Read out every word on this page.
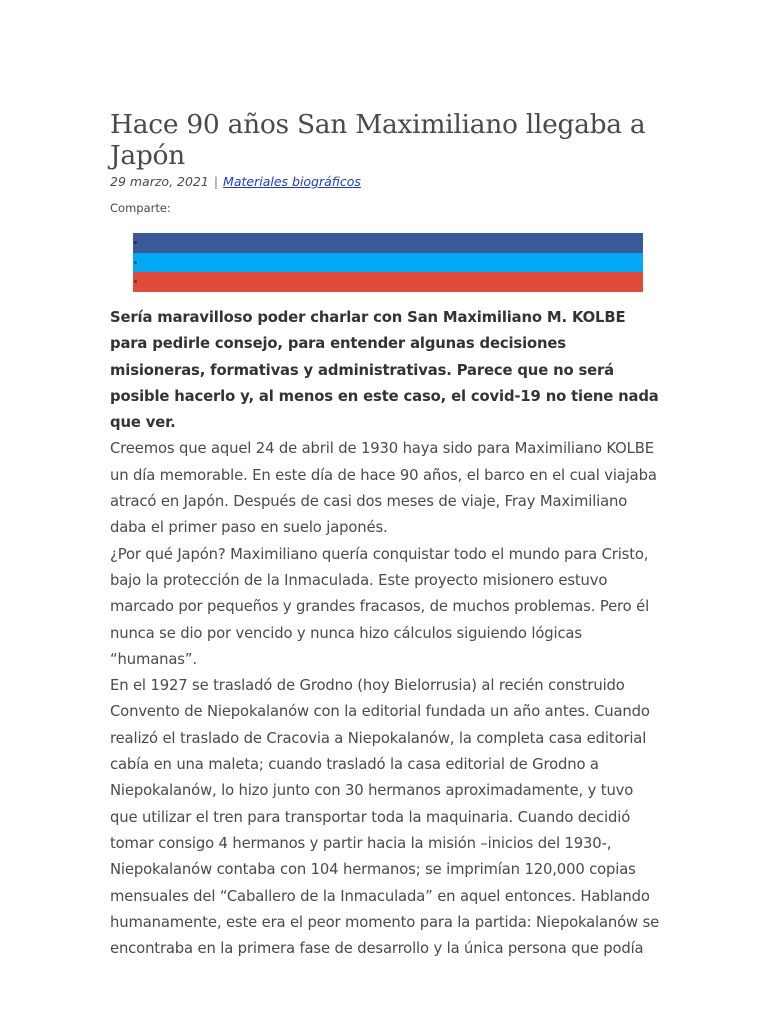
Hace 90 años San Maximiliano llegaba a Japón
29 marzo, 2021 | Materiales biográficos
Comparte:

Sería maravilloso poder charlar con San Maximiliano M. KOLBE para pedirle consejo, para entender algunas decisiones misioneras, formativas y administrativas. Parece que no será posible hacerlo y, al menos en este caso, el covid-19 no tiene nada que ver.

Creemos que aquel 24 de abril de 1930 haya sido para Maximiliano KOLBE un día memorable. En este día de hace 90 años, el barco en el cual viajaba atracó en Japón. Después de casi dos meses de viaje, Fray Maximiliano daba el primer paso en suelo japonés.

¿Por qué Japón? Maximiliano quería conquistar todo el mundo para Cristo, bajo la protección de la Inmaculada. Este proyecto misionero estuvo marcado por pequeños y grandes fracasos, de muchos problemas. Pero él nunca se dio por vencido y nunca hizo cálculos siguiendo lógicas “humanas”.

En el 1927 se trasladó de Grodno (hoy Bielorrusia) al recién construido Convento de Niepokalanów con la editorial fundada un año antes. Cuando realizó el traslado de Cracovia a Niepokalanów, la completa casa editorial cabía en una maleta; cuando trasladó la casa editorial de Grodno a Niepokalanów, lo hizo junto con 30 hermanos aproximadamente, y tuvo que utilizar el tren para transportar toda la maquinaria. Cuando decidió tomar consigo 4 hermanos y partir hacia la misión –inicios del 1930-, Niepokalanów contaba con 104 hermanos; se imprimían 120,000 copias mensuales del “Caballero de la Inmaculada” en aquel entonces. Hablando humanamente, este era el peor momento para la partida: Niepokalanów se encontraba en la primera fase de desarrollo y la única persona que podía
